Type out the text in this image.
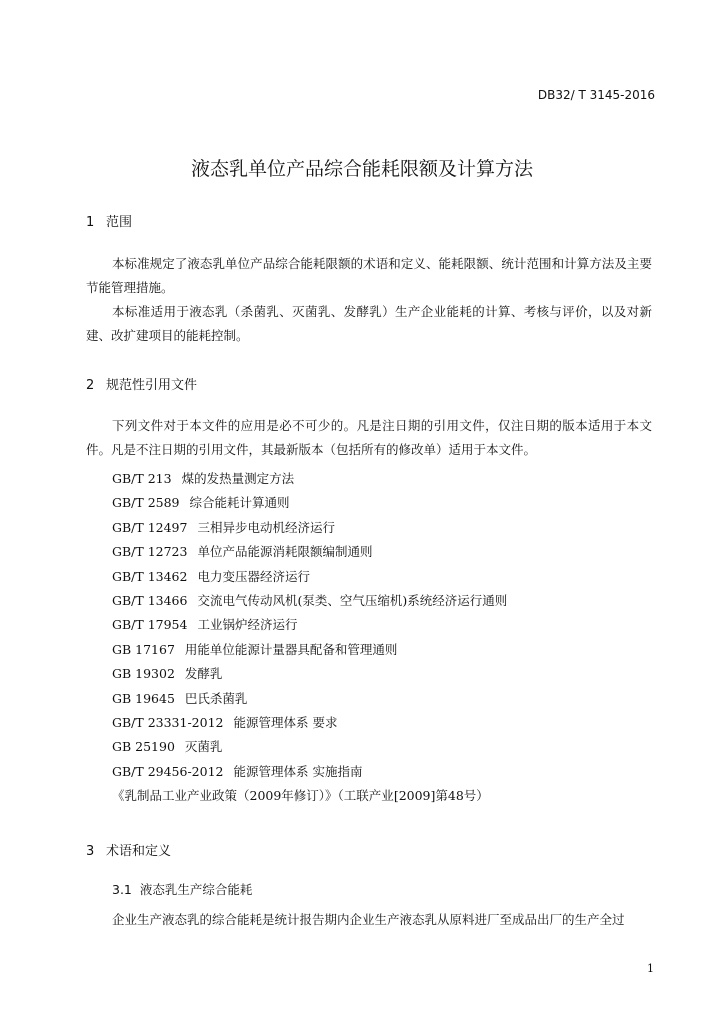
DB32/ T 3145-2016
液态乳单位产品综合能耗限额及计算方法
1 范围
本标准规定了液态乳单位产品综合能耗限额的术语和定义、能耗限额、统计范围和计算方法及主要节能管理措施。
本标准适用于液态乳（杀菌乳、灭菌乳、发酵乳）生产企业能耗的计算、考核与评价，以及对新建、改扩建项目的能耗控制。
2 规范性引用文件
下列文件对于本文件的应用是必不可少的。凡是注日期的引用文件，仅注日期的版本适用于本文件。凡是不注日期的引用文件，其最新版本（包括所有的修改单）适用于本文件。
GB/T 213 煤的发热量测定方法
GB/T 2589 综合能耗计算通则
GB/T 12497 三相异步电动机经济运行
GB/T 12723 单位产品能源消耗限额编制通则
GB/T 13462 电力变压器经济运行
GB/T 13466 交流电气传动风机(泵类、空气压缩机)系统经济运行通则
GB/T 17954 工业锅炉经济运行
GB 17167 用能单位能源计量器具配备和管理通则
GB 19302 发酵乳
GB 19645 巴氏杀菌乳
GB/T 23331-2012 能源管理体系 要求
GB 25190 灭菌乳
GB/T 29456-2012 能源管理体系 实施指南
《乳制品工业产业政策（2009年修订）》（工联产业[2009]第48号）
3 术语和定义
3.1 液态乳生产综合能耗
企业生产液态乳的综合能耗是统计报告期内企业生产液态乳从原料进厂至成品出厂的生产全过
1
